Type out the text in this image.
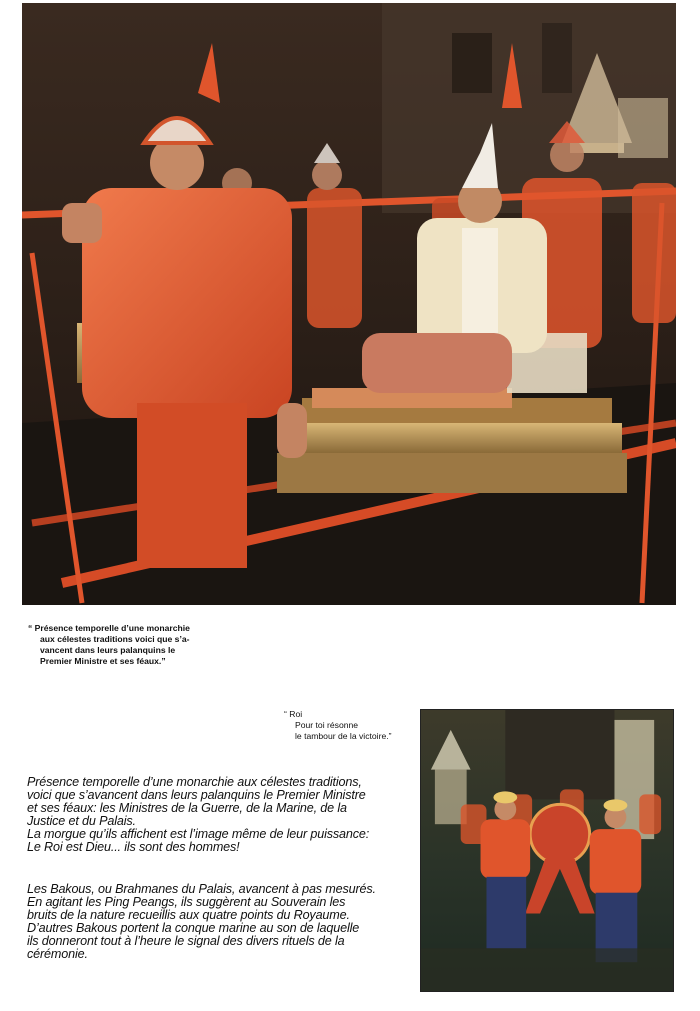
“ Présence temporelle d’une monarchie
aux célestes traditions voici que s’a-
vancent dans leurs palanquins le
Premier Ministre et ses féaux.”
“ Roi
Pour toi résonne
le tambour de la victoire.”
Présence temporelle d’une monarchie aux célestes traditions,
voici que s’avancent dans leurs palanquins le Premier Ministre
et ses féaux: les Ministres de la Guerre, de la Marine, de la
Justice et du Palais.
La morgue qu’ils affichent est l’image même de leur puissance:
Le Roi est Dieu... ils sont des hommes!
Les Bakous, ou Brahmanes du Palais, avancent à pas mesurés.
En agitant les Ping Peangs, ils suggèrent au Souverain les
bruits de la nature recueillis aux quatre points du Royaume.
D’autres Bakous portent la conque marine au son de laquelle
ils donneront tout à l’heure le signal des divers rituels de la
cérémonie.
